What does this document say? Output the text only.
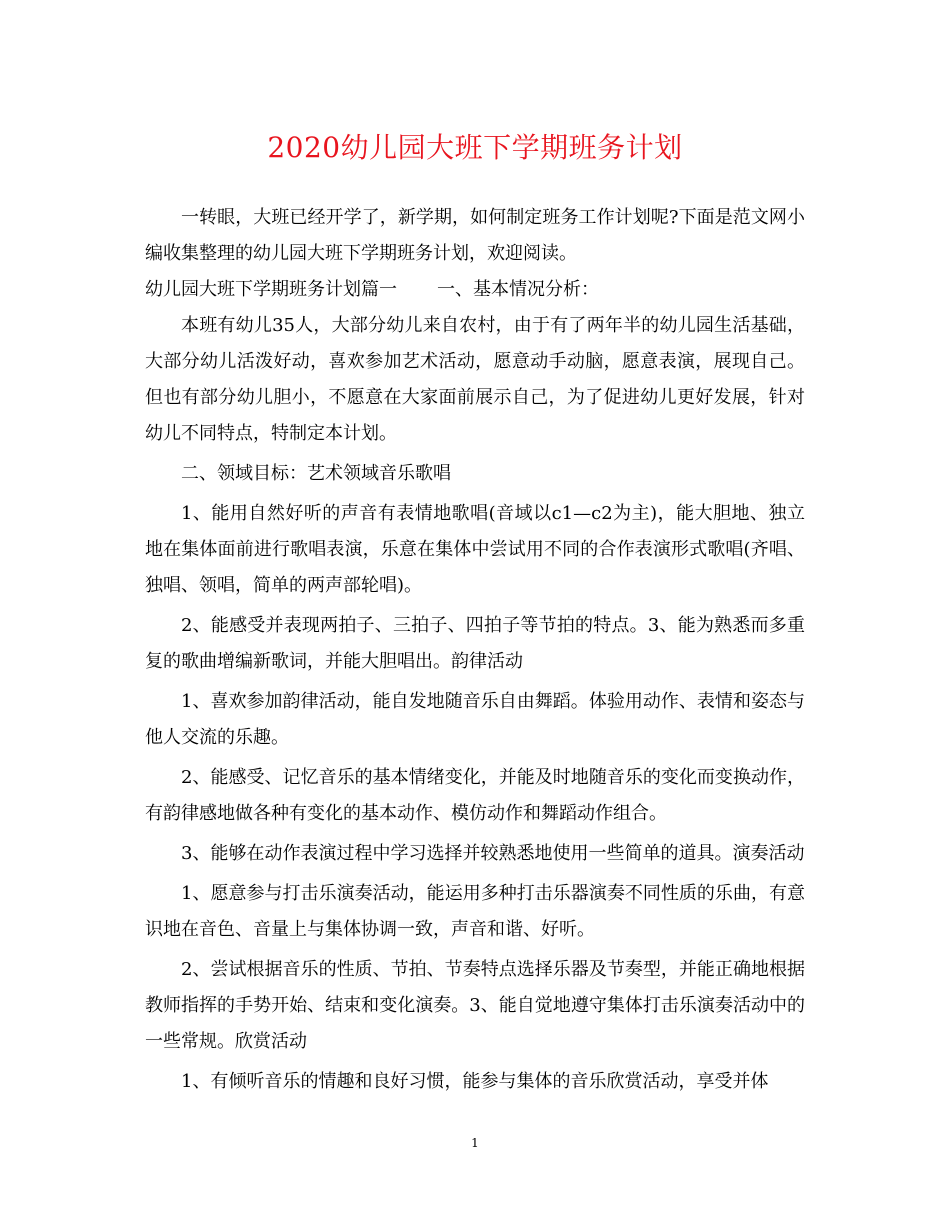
2020幼儿园大班下学期班务计划

一转眼，大班已经开学了，新学期，如何制定班务工作计划呢?下面是范文网小编收集整理的幼儿园大班下学期班务计划，欢迎阅读。

幼儿园大班下学期班务计划篇一 一、基本情况分析：

本班有幼儿35人，大部分幼儿来自农村，由于有了两年半的幼儿园生活基础，大部分幼儿活泼好动，喜欢参加艺术活动，愿意动手动脑，愿意表演，展现自己。但也有部分幼儿胆小，不愿意在大家面前展示自己，为了促进幼儿更好发展，针对幼儿不同特点，特制定本计划。

二、领域目标：艺术领域音乐歌唱

1、能用自然好听的声音有表情地歌唱(音域以c1—c2为主)，能大胆地、独立地在集体面前进行歌唱表演，乐意在集体中尝试用不同的合作表演形式歌唱(齐唱、独唱、领唱，简单的两声部轮唱)。

2、能感受并表现两拍子、三拍子、四拍子等节拍的特点。3、能为熟悉而多重复的歌曲增编新歌词，并能大胆唱出。韵律活动

1、喜欢参加韵律活动，能自发地随音乐自由舞蹈。体验用动作、表情和姿态与他人交流的乐趣。

2、能感受、记忆音乐的基本情绪变化，并能及时地随音乐的变化而变换动作，有韵律感地做各种有变化的基本动作、模仿动作和舞蹈动作组合。

3、能够在动作表演过程中学习选择并较熟悉地使用一些简单的道具。演奏活动

1、愿意参与打击乐演奏活动，能运用多种打击乐器演奏不同性质的乐曲，有意识地在音色、音量上与集体协调一致，声音和谐、好听。

2、尝试根据音乐的性质、节拍、节奏特点选择乐器及节奏型，并能正确地根据教师指挥的手势开始、结束和变化演奏。3、能自觉地遵守集体打击乐演奏活动中的一些常规。欣赏活动

1、有倾听音乐的情趣和良好习惯，能参与集体的音乐欣赏活动，享受并体

1
